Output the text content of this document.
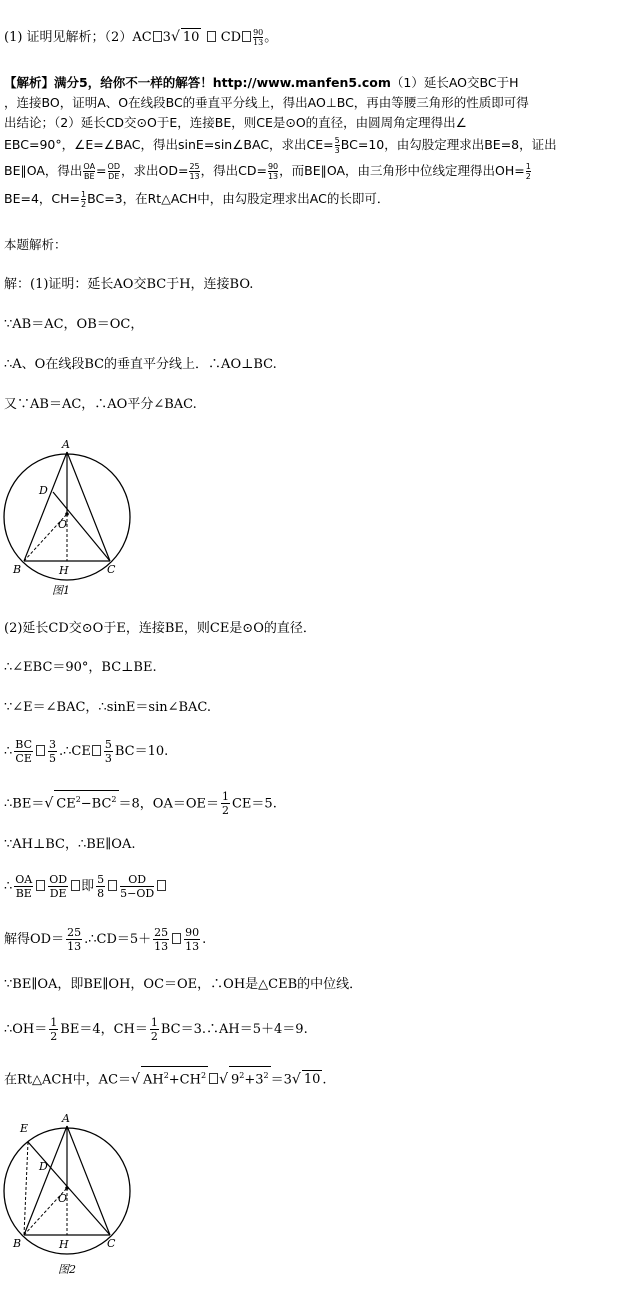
(1) 证明见解析；（2）AC 3√ 10 CD $\frac{90}{13}$ 。
【解析】满分5，给你不一样的解答！http://www.manfen5.com（1）延长AO交BC于H
，连接BO，证明A、O在线段BC的垂直平分线上，得出AO⊥BC，再由等腰三角形的性质即可得
出结论；（2）延长CD交⊙O于E，连接BE，则CE是⊙O的直径，由圆周角定理得出∠
EBC=90°，∠E=∠BAC，得出sinE=sin∠BAC，求出$CE= \frac{5}{3} BC=10$，由勾股定理求出BE=8，证出
BE∥OA，得出 $\frac{OA}{BE} = \frac{OD}{DE}$ ，求出$OD= \frac{25}{13}$ ，得出$CD= \frac{90}{13}$ ，而BE∥OA，由三角形中位线定理得出$OH= \frac{1}{2}$
BE=4，$CH= \frac{1}{2} BC=3$，在Rt△ACH中，由勾股定理求出AC的长即可．
本题解析：
解：(1)证明：延长AO交BC于H，连接BO.
∵AB＝AC，OB＝OC，
∴A、O在线段BC的垂直平分线上．∴AO⊥BC.
又∵AB＝AC，∴AO平分∠BAC.
A
D
O
B	H	C
图1
(2)延长CD交⊙O于E，连接BE，则CE是⊙O的直径．
∴∠EBC＝90°，BC⊥BE.
∵∠E＝∠BAC，∴sinE＝sin∠BAC.
∴ $\frac{BC}{CE} \frac{3}{5}$ .∴CE $\frac{5}{3} BC=10$.
∴BE＝√ $CE^2-BC^2 =8$，$OA=OE= \frac{1}{2} CE=5$.
∵AH⊥BC，∴BE∥OA.
∴ $\frac{OA}{BE} \frac{OD}{DE}$ 即 $\frac{5}{8} \frac{OD}{5-OD}$
解得$OD= \frac{25}{13}$ .∴CD＝5＋ $\frac{25}{13} \frac{90}{13}$ .
∵BE∥OA，即BE∥OH，OC＝OE，∴OH是△CEB的中位线．
∴OH＝ $\frac{1}{2} BE=4$，$CH= \frac{1}{2}$ BC＝3.∴AH＝5＋4＝9.
在Rt△ACH中，AC＝√ $AH^2+CH^2$ √ $9^2+3^2 =3√$ 10 .
A
E
D
O
B	H	C
图2
